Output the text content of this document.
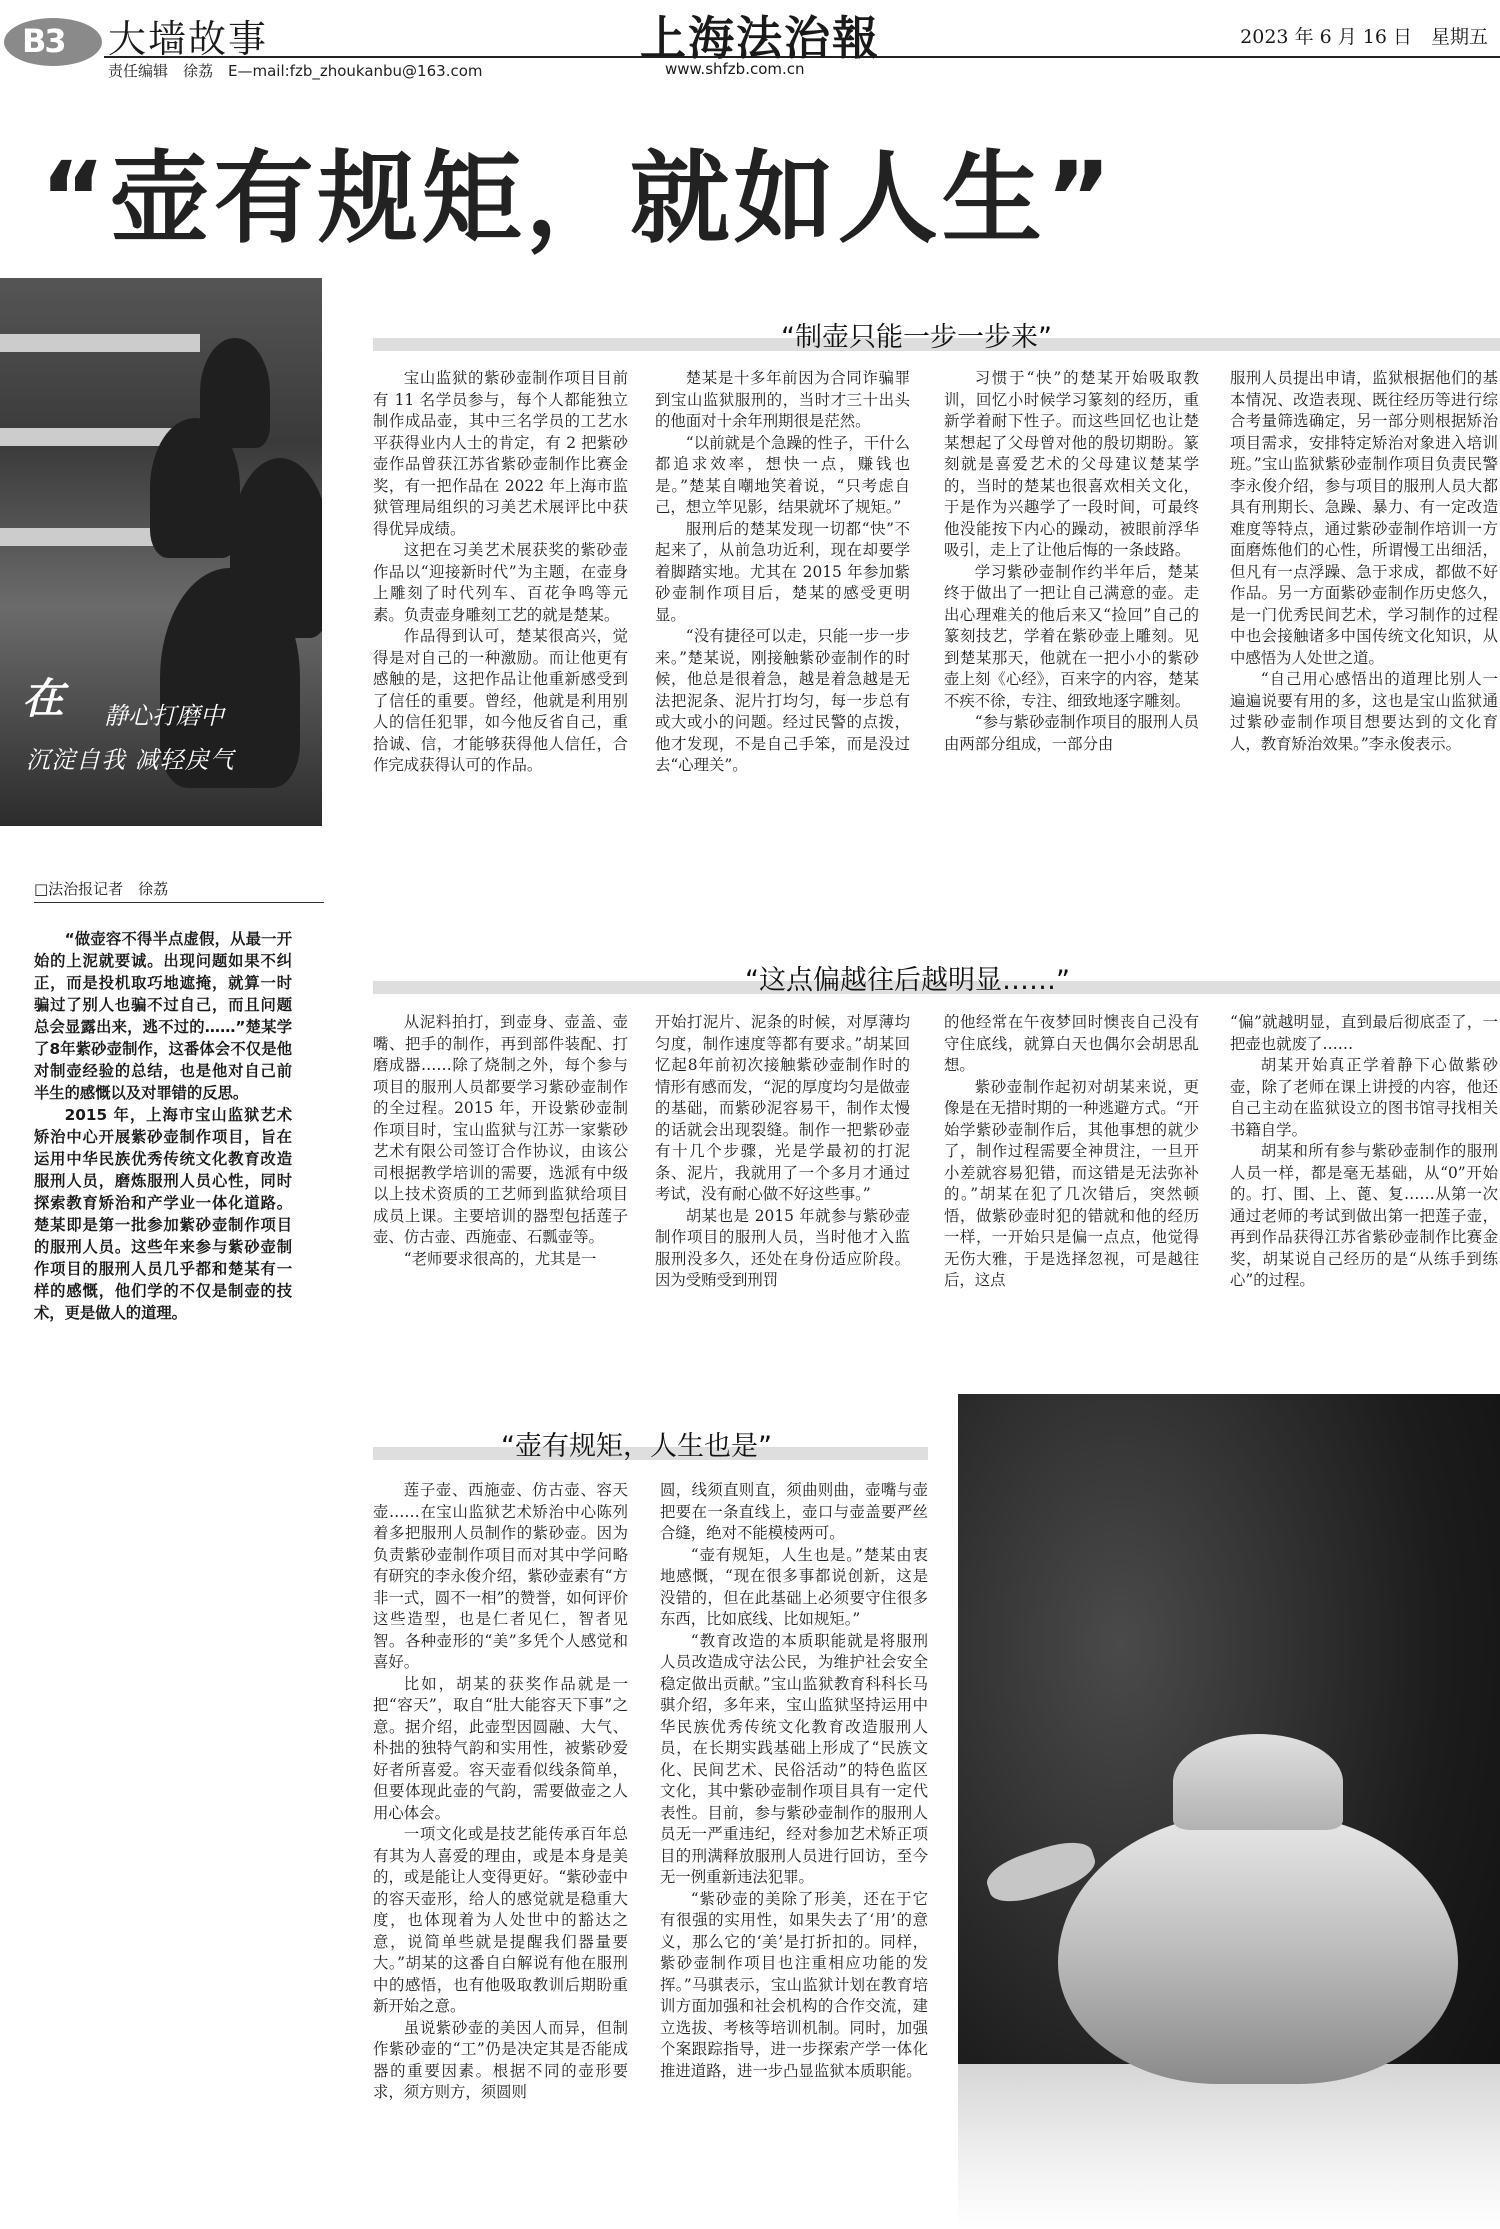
B3 大墙故事
责任编辑　徐荔　E—mail:fzb_zhoukanbu@163.com
上海法治報
www.shfzb.com.cn
2023 年 6 月 16 日　星期五
“壶有规矩，就如人生”
在 静心打磨中
沉淀自我 减轻戾气
□法治报记者　徐荔

“做壶容不得半点虚假，从最一开始的上泥就要诚。出现问题如果不纠正，而是投机取巧地遮掩，就算一时骗过了别人也骗不过自己，而且问题总会显露出来，逃不过的……”楚某学了8年紫砂壶制作，这番体会不仅是他对制壶经验的总结，也是他对自己前半生的感慨以及对罪错的反思。

2015 年，上海市宝山监狱艺术矫治中心开展紫砂壶制作项目，旨在运用中华民族优秀传统文化教育改造服刑人员，磨炼服刑人员心性，同时探索教育矫治和产学业一体化道路。楚某即是第一批参加紫砂壶制作项目的服刑人员。这些年来参与紫砂壶制作项目的服刑人员几乎都和楚某有一样的感慨，他们学的不仅是制壶的技术，更是做人的道理。

“制壶只能一步一步来”

宝山监狱的紫砂壶制作项目目前有 11 名学员参与，每个人都能独立制作成品壶，其中三名学员的工艺水平获得业内人士的肯定，有 2 把紫砂壶作品曾获江苏省紫砂壶制作比赛金奖，有一把作品在 2022 年上海市监狱管理局组织的习美艺术展评比中获得优异成绩。

这把在习美艺术展获奖的紫砂壶作品以“迎接新时代”为主题，在壶身上雕刻了时代列车、百花争鸣等元素。负责壶身雕刻工艺的就是楚某。

作品得到认可，楚某很高兴，觉得是对自己的一种激励。而让他更有感触的是，这把作品让他重新感受到了信任的重要。曾经，他就是利用别人的信任犯罪，如今他反省自己，重拾诚、信，才能够获得他人信任，合作完成获得认可的作品。

楚某是十多年前因为合同诈骗罪到宝山监狱服刑的，当时才三十出头的他面对十余年刑期很是茫然。

“以前就是个急躁的性子，干什么都追求效率，想快一点，赚钱也是。”楚某自嘲地笑着说，“只考虑自己，想立竿见影，结果就坏了规矩。”

服刑后的楚某发现一切都“快”不起来了，从前急功近利，现在却要学着脚踏实地。尤其在 2015 年参加紫砂壶制作项目后，楚某的感受更明显。

“没有捷径可以走，只能一步一步来。”楚某说，刚接触紫砂壶制作的时候，他总是很着急，越是着急越是无法把泥条、泥片打均匀，每一步总有或大或小的问题。经过民警的点拨，他才发现，不是自己手笨，而是没过去“心理关”。

习惯于“快”的楚某开始吸取教训，回忆小时候学习篆刻的经历，重新学着耐下性子。而这些回忆也让楚某想起了父母曾对他的殷切期盼。篆刻就是喜爱艺术的父母建议楚某学的，当时的楚某也很喜欢相关文化，于是作为兴趣学了一段时间，可最终他没能按下内心的躁动，被眼前浮华吸引，走上了让他后悔的一条歧路。

学习紫砂壶制作约半年后，楚某终于做出了一把让自己满意的壶。走出心理难关的他后来又“捡回”自己的篆刻技艺，学着在紫砂壶上雕刻。见到楚某那天，他就在一把小小的紫砂壶上刻《心经》，百来字的内容，楚某不疾不徐，专注、细致地逐字雕刻。

“参与紫砂壶制作项目的服刑人员由两部分组成，一部分由

服刑人员提出申请，监狱根据他们的基本情况、改造表现、既往经历等进行综合考量筛选确定，另一部分则根据矫治项目需求，安排特定矫治对象进入培训班。”宝山监狱紫砂壶制作项目负责民警李永俊介绍，参与项目的服刑人员大都具有刑期长、急躁、暴力、有一定改造难度等特点，通过紫砂壶制作培训一方面磨炼他们的心性，所谓慢工出细活，但凡有一点浮躁、急于求成，都做不好作品。另一方面紫砂壶制作历史悠久，是一门优秀民间艺术，学习制作的过程中也会接触诸多中国传统文化知识，从中感悟为人处世之道。

“自己用心感悟出的道理比别人一遍遍说要有用的多，这也是宝山监狱通过紫砂壶制作项目想要达到的文化育人，教育矫治效果。”李永俊表示。

“这点偏越往后越明显……”

从泥料拍打，到壶身、壶盖、壶嘴、把手的制作，再到部件装配、打磨成器……除了烧制之外，每个参与项目的服刑人员都要学习紫砂壶制作的全过程。2015 年，开设紫砂壶制作项目时，宝山监狱与江苏一家紫砂艺术有限公司签订合作协议，由该公司根据教学培训的需要，选派有中级以上技术资质的工艺师到监狱给项目成员上课。主要培训的器型包括莲子壶、仿古壶、西施壶、石瓢壶等。

“老师要求很高的，尤其是一

开始打泥片、泥条的时候，对厚薄均匀度，制作速度等都有要求。”胡某回忆起8年前初次接触紫砂壶制作时的情形有感而发，“泥的厚度均匀是做壶的基础，而紫砂泥容易干，制作太慢的话就会出现裂缝。制作一把紫砂壶有十几个步骤，光是学最初的打泥条、泥片，我就用了一个多月才通过考试，没有耐心做不好这些事。”

胡某也是 2015 年就参与紫砂壶制作项目的服刑人员，当时他才入监服刑没多久，还处在身份适应阶段。因为受贿受到刑罚

的他经常在午夜梦回时懊丧自己没有守住底线，就算白天也偶尔会胡思乱想。

紫砂壶制作起初对胡某来说，更像是在无措时期的一种逃避方式。“开始学紫砂壶制作后，其他事想的就少了，制作过程需要全神贯注，一旦开小差就容易犯错，而这错是无法弥补的。”胡某在犯了几次错后，突然顿悟，做紫砂壶时犯的错就和他的经历一样，一开始只是偏一点点，他觉得无伤大雅，于是选择忽视，可是越往后，这点

“偏”就越明显，直到最后彻底歪了，一把壶也就废了……

胡某开始真正学着静下心做紫砂壶，除了老师在课上讲授的内容，他还自己主动在监狱设立的图书馆寻找相关书籍自学。

胡某和所有参与紫砂壶制作的服刑人员一样，都是毫无基础，从“0”开始的。打、围、上、蓖、复……从第一次通过老师的考试到做出第一把莲子壶，再到作品获得江苏省紫砂壶制作比赛金奖，胡某说自己经历的是“从练手到练心”的过程。

“壶有规矩，人生也是”

莲子壶、西施壶、仿古壶、容天壶……在宝山监狱艺术矫治中心陈列着多把服刑人员制作的紫砂壶。因为负责紫砂壶制作项目而对其中学问略有研究的李永俊介绍，紫砂壶素有“方非一式，圆不一相”的赞誉，如何评价这些造型，也是仁者见仁，智者见智。各种壶形的“美”多凭个人感觉和喜好。

比如，胡某的获奖作品就是一把“容天”，取自“肚大能容天下事”之意。据介绍，此壶型因圆融、大气、朴拙的独特气韵和实用性，被紫砂爱好者所喜爱。容天壶看似线条简单，但要体现此壶的气韵，需要做壶之人用心体会。

一项文化或是技艺能传承百年总有其为人喜爱的理由，或是本身是美的，或是能让人变得更好。“紫砂壶中的容天壶形，给人的感觉就是稳重大度，也体现着为人处世中的豁达之意，说简单些就是提醒我们器量要大。”胡某的这番自白解说有他在服刑中的感悟，也有他吸取教训后期盼重新开始之意。

虽说紫砂壶的美因人而异，但制作紫砂壶的“工”仍是决定其是否能成器的重要因素。根据不同的壶形要求，须方则方，须圆则

圆，线须直则直，须曲则曲，壶嘴与壶把要在一条直线上，壶口与壶盖要严丝合缝，绝对不能模棱两可。

“壶有规矩，人生也是。”楚某由衷地感慨，“现在很多事都说创新，这是没错的，但在此基础上必须要守住很多东西，比如底线、比如规矩。”

“教育改造的本质职能就是将服刑人员改造成守法公民，为维护社会安全稳定做出贡献。”宝山监狱教育科科长马骐介绍，多年来，宝山监狱坚持运用中华民族优秀传统文化教育改造服刑人员，在长期实践基础上形成了“民族文化、民间艺术、民俗活动”的特色监区文化，其中紫砂壶制作项目具有一定代表性。目前，参与紫砂壶制作的服刑人员无一严重违纪，经对参加艺术矫正项目的刑满释放服刑人员进行回访，至今无一例重新违法犯罪。

“紫砂壶的美除了形美，还在于它有很强的实用性，如果失去了‘用’的意义，那么它的‘美’是打折扣的。同样，紫砂壶制作项目也注重相应功能的发挥。”马骐表示，宝山监狱计划在教育培训方面加强和社会机构的合作交流，建立选拔、考核等培训机制。同时，加强个案跟踪指导，进一步探索产学一体化推进道路，进一步凸显监狱本质职能。
